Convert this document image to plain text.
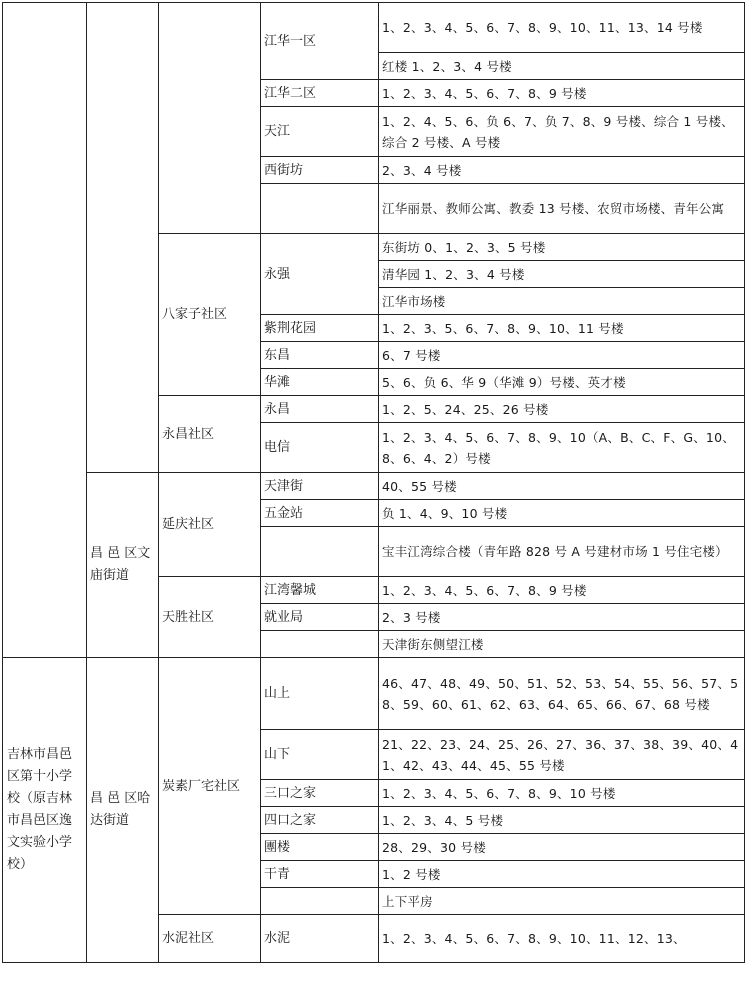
			江华一区	1、2、3、4、5、6、7、8、9、10、11、13、14 号楼
				红楼 1、2、3、4 号楼
			江华二区	1、2、3、4、5、6、7、8、9 号楼
			天江	1、2、4、5、6、负 6、7、负 7、8、9 号楼、综合 1 号楼、综合 2 号楼、A 号楼
			西街坊	2、3、4 号楼
				江华丽景、教师公寓、教委 13 号楼、农贸市场楼、青年公寓
		八家子社区	永强	东街坊 0、1、2、3、5 号楼
				清华园 1、2、3、4 号楼
				江华市场楼
			紫荆花园	1、2、3、5、6、7、8、9、10、11 号楼
			东昌	6、7 号楼
			华滩	5、6、负 6、华 9（华滩 9）号楼、英才楼
		永昌社区	永昌	1、2、5、24、25、26 号楼
			电信	1、2、3、4、5、6、7、8、9、10（A、B、C、F、G、10、8、6、4、2）号楼
	昌 邑 区文庙街道	延庆社区	天津街	40、55 号楼
			五金站	负 1、4、9、10 号楼
				宝丰江湾综合楼（青年路 828 号 A 号建材市场 1 号住宅楼）
		天胜社区	江湾馨城	1、2、3、4、5、6、7、8、9 号楼
			就业局	2、3 号楼
				天津街东侧望江楼
吉林市昌邑区第十小学校（原吉林市昌邑区逸文实验小学校）	昌 邑 区哈达街道	炭素厂宅社区	山上	46、47、48、49、50、51、52、53、54、55、56、57、58、59、60、61、62、63、64、65、66、67、68 号楼
			山下	21、22、23、24、25、26、27、36、37、38、39、40、41、42、43、44、45、55 号楼
			三口之家	1、2、3、4、5、6、7、8、9、10 号楼
			四口之家	1、2、3、4、5 号楼
			團楼	28、29、30 号楼
			干青	1、2 号楼
				上下平房
		水泥社区	水泥	1、2、3、4、5、6、7、8、9、10、11、12、13、
